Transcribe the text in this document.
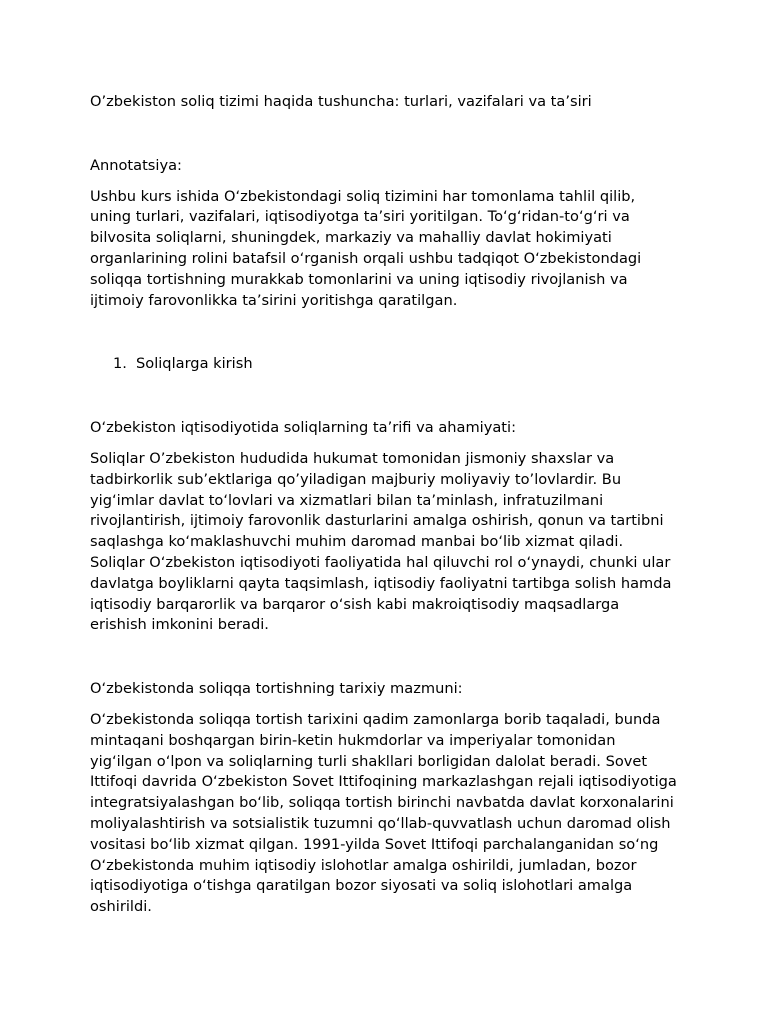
O’zbekiston soliq tizimi haqida tushuncha: turlari, vazifalari va ta’siri

Annotatsiya:

Ushbu kurs ishida O‘zbekistondagi soliq tizimini har tomonlama tahlil qilib, uning turlari, vazifalari, iqtisodiyotga ta’siri yoritilgan. To‘g‘ridan-to‘g‘ri va bilvosita soliqlarni, shuningdek, markaziy va mahalliy davlat hokimiyati organlarining rolini batafsil o‘rganish orqali ushbu tadqiqot O‘zbekistondagi soliqqa tortishning murakkab tomonlarini va uning iqtisodiy rivojlanish va ijtimoiy farovonlikka ta’sirini yoritishga qaratilgan.

1. Soliqlarga kirish

O‘zbekiston iqtisodiyotida soliqlarning ta’rifi va ahamiyati:

Soliqlar O’zbekiston hududida hukumat tomonidan jismoniy shaxslar va tadbirkorlik sub’ektlariga qo’yiladigan majburiy moliyaviy to’lovlardir. Bu yig‘imlar davlat to‘lovlari va xizmatlari bilan ta’minlash, infratuzilmani rivojlantirish, ijtimoiy farovonlik dasturlarini amalga oshirish, qonun va tartibni saqlashga ko‘maklashuvchi muhim daromad manbai bo‘lib xizmat qiladi. Soliqlar O‘zbekiston iqtisodiyoti faoliyatida hal qiluvchi rol o‘ynaydi, chunki ular davlatga boyliklarni qayta taqsimlash, iqtisodiy faoliyatni tartibga solish hamda iqtisodiy barqarorlik va barqaror o‘sish kabi makroiqtisodiy maqsadlarga erishish imkonini beradi.

O‘zbekistonda soliqqa tortishning tarixiy mazmuni:

O‘zbekistonda soliqqa tortish tarixini qadim zamonlarga borib taqaladi, bunda mintaqani boshqargan birin-ketin hukmdorlar va imperiyalar tomonidan yig‘ilgan o‘lpon va soliqlarning turli shakllari borligidan dalolat beradi. Sovet Ittifoqi davrida O‘zbekiston Sovet Ittifoqining markazlashgan rejali iqtisodiyotiga integratsiyalashgan bo‘lib, soliqqa tortish birinchi navbatda davlat korxonalarini moliyalashtirish va sotsialistik tuzumni qo‘llab-quvvatlash uchun daromad olish vositasi bo‘lib xizmat qilgan. 1991-yilda Sovet Ittifoqi parchalanganidan so‘ng O‘zbekistonda muhim iqtisodiy islohotlar amalga oshirildi, jumladan, bozor iqtisodiyotiga o‘tishga qaratilgan bozor siyosati va soliq islohotlari amalga oshirildi.
